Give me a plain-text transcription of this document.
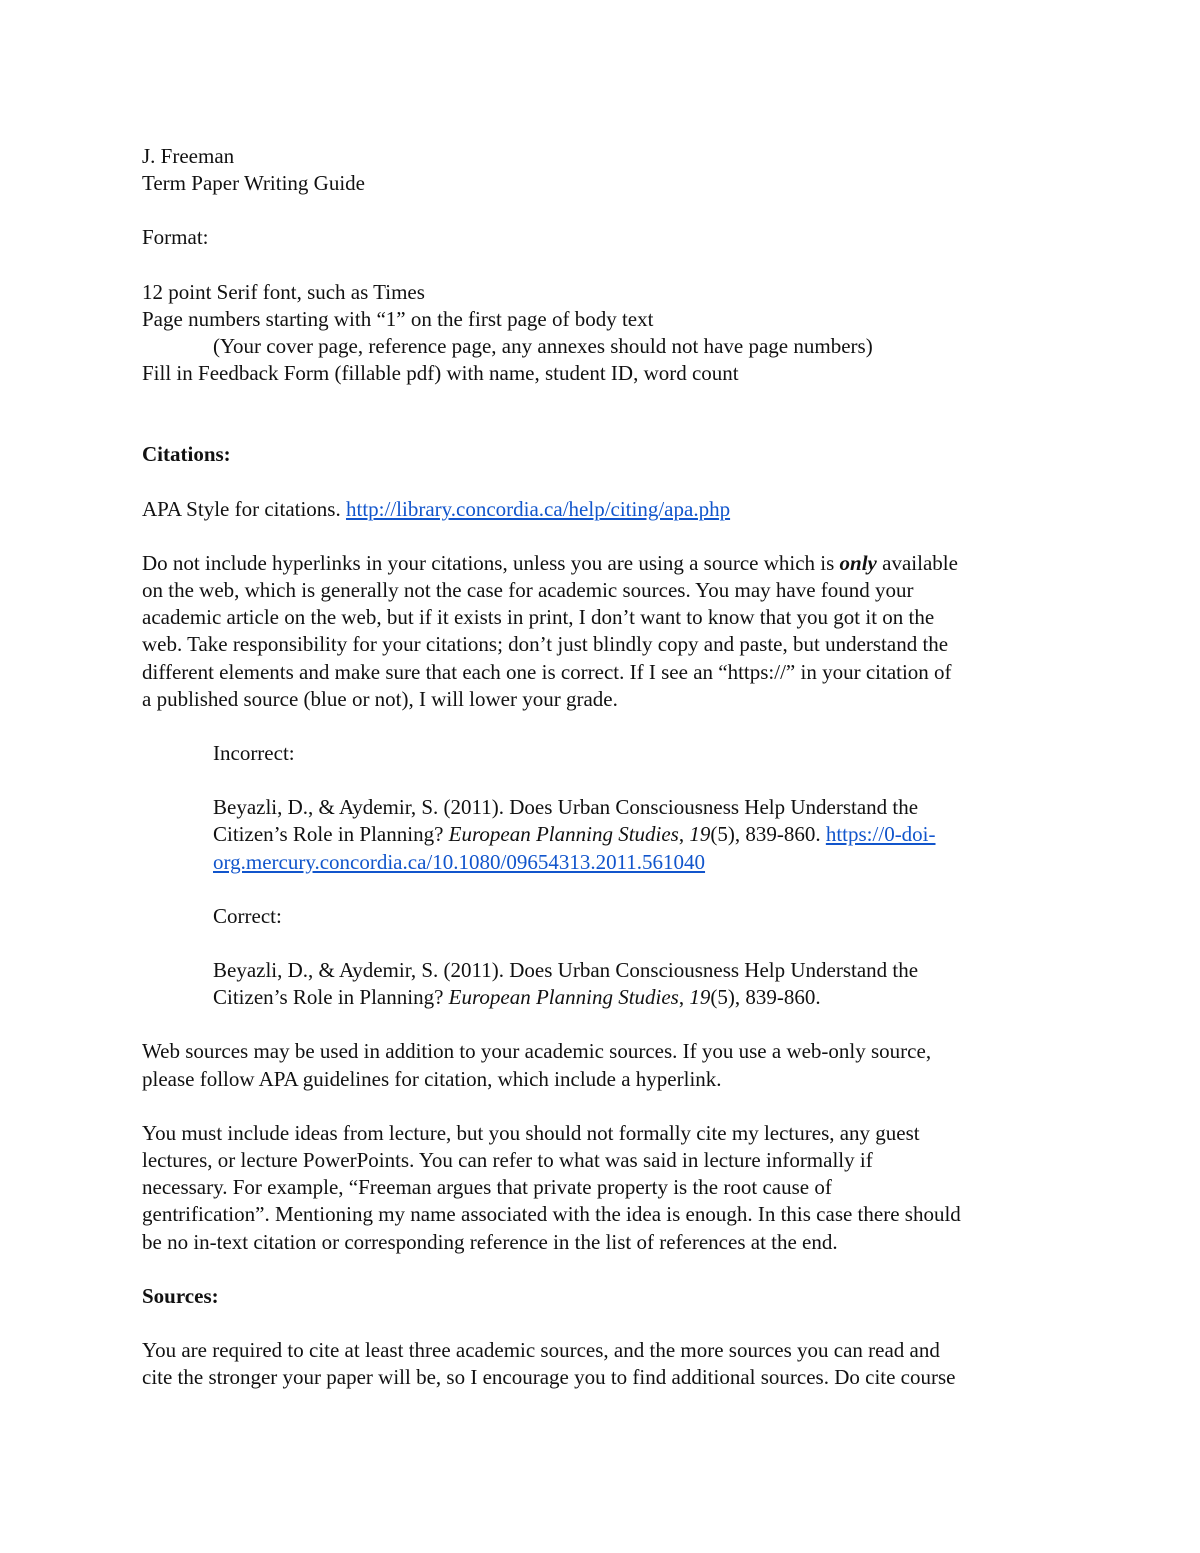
J. Freeman
Term Paper Writing Guide
Format:
12 point Serif font, such as Times
Page numbers starting with “1” on the first page of body text
(Your cover page, reference page, any annexes should not have page numbers)
Fill in Feedback Form (fillable pdf) with name, student ID, word count
Citations:
APA Style for citations. http://library.concordia.ca/help/citing/apa.php
Do not include hyperlinks in your citations, unless you are using a source which is only available
on the web, which is generally not the case for academic sources. You may have found your
academic article on the web, but if it exists in print, I don’t want to know that you got it on the
web. Take responsibility for your citations; don’t just blindly copy and paste, but understand the
different elements and make sure that each one is correct. If I see an “https://” in your citation of
a published source (blue or not), I will lower your grade.
Incorrect:
Beyazli, D., & Aydemir, S. (2011). Does Urban Consciousness Help Understand the
Citizen’s Role in Planning? European Planning Studies, 19(5), 839-860. https://0-doi-
org.mercury.concordia.ca/10.1080/09654313.2011.561040
Correct:
Beyazli, D., & Aydemir, S. (2011). Does Urban Consciousness Help Understand the
Citizen’s Role in Planning? European Planning Studies, 19(5), 839-860.
Web sources may be used in addition to your academic sources. If you use a web-only source,
please follow APA guidelines for citation, which include a hyperlink.
You must include ideas from lecture, but you should not formally cite my lectures, any guest
lectures, or lecture PowerPoints. You can refer to what was said in lecture informally if
necessary. For example, “Freeman argues that private property is the root cause of
gentrification”. Mentioning my name associated with the idea is enough. In this case there should
be no in-text citation or corresponding reference in the list of references at the end.
Sources:
You are required to cite at least three academic sources, and the more sources you can read and
cite the stronger your paper will be, so I encourage you to find additional sources. Do cite course
